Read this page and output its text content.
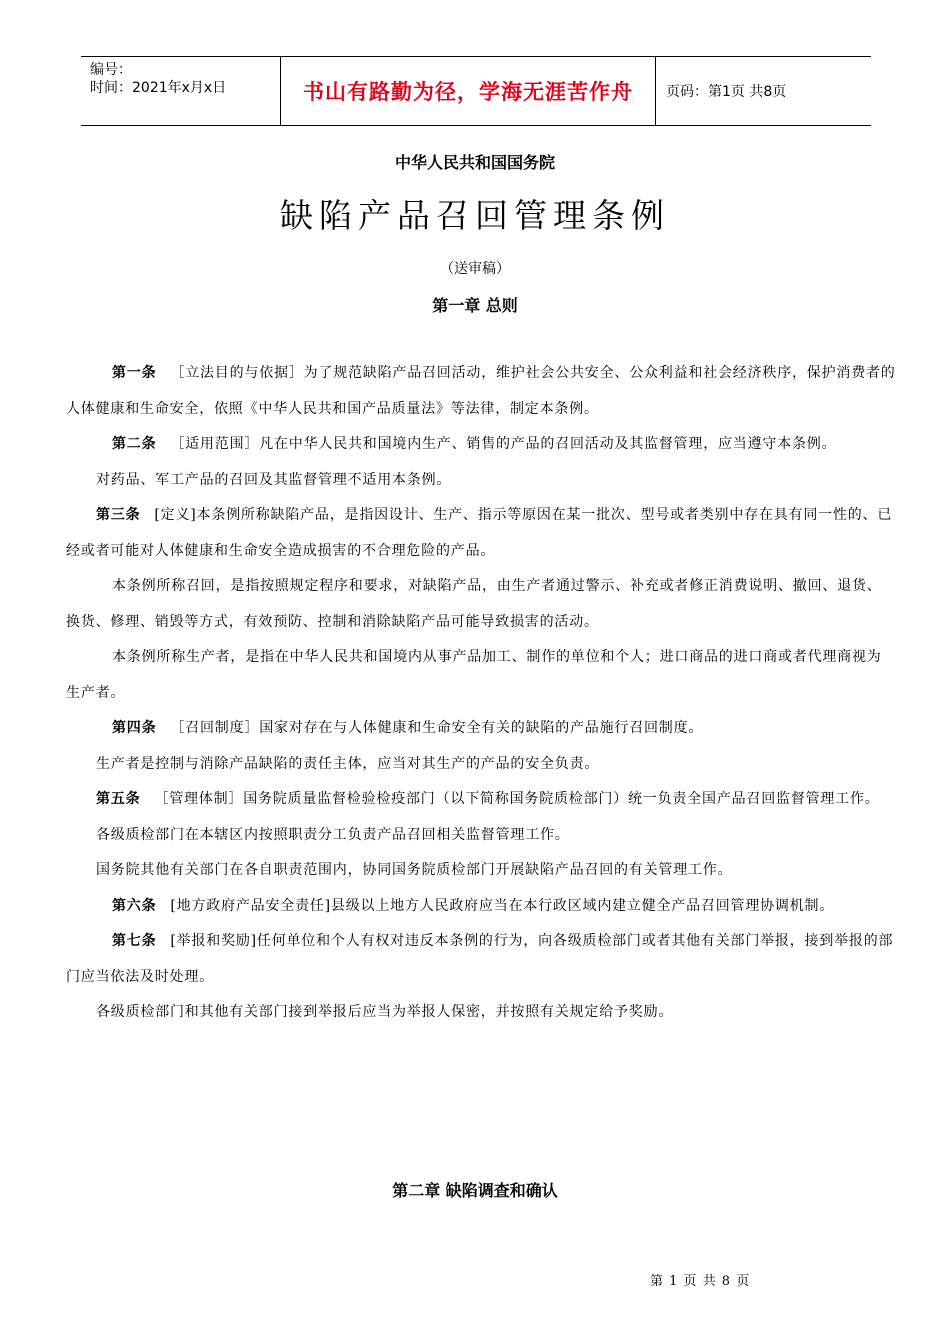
编号：
时间：2021年x月x日	书山有路勤为径，学海无涯苦作舟	页码：第1页 共8页
中华人民共和国国务院
缺陷产品召回管理条例
（送审稿）
第一章 总则

第一条 ［立法目的与依据］为了规范缺陷产品召回活动，维护社会公共安全、公众利益和社会经济秩序，保护消费者的人体健康和生命安全，依照《中华人民共和国产品质量法》等法律，制定本条例。

第二条 ［适用范围］凡在中华人民共和国境内生产、销售的产品的召回活动及其监督管理，应当遵守本条例。

对药品、军工产品的召回及其监督管理不适用本条例。

第三条 [定义]本条例所称缺陷产品，是指因设计、生产、指示等原因在某一批次、型号或者类别中存在具有同一性的、已经或者可能对人体健康和生命安全造成损害的不合理危险的产品。

本条例所称召回，是指按照规定程序和要求，对缺陷产品，由生产者通过警示、补充或者修正消费说明、撤回、退货、换货、修理、销毁等方式，有效预防、控制和消除缺陷产品可能导致损害的活动。

本条例所称生产者，是指在中华人民共和国境内从事产品加工、制作的单位和个人；进口商品的进口商或者代理商视为生产者。

第四条 ［召回制度］国家对存在与人体健康和生命安全有关的缺陷的产品施行召回制度。

生产者是控制与消除产品缺陷的责任主体，应当对其生产的产品的安全负责。

第五条 ［管理体制］国务院质量监督检验检疫部门（以下简称国务院质检部门）统一负责全国产品召回监督管理工作。

各级质检部门在本辖区内按照职责分工负责产品召回相关监督管理工作。

国务院其他有关部门在各自职责范围内，协同国务院质检部门开展缺陷产品召回的有关管理工作。

第六条 [地方政府产品安全责任]县级以上地方人民政府应当在本行政区域内建立健全产品召回管理协调机制。

第七条 [举报和奖励]任何单位和个人有权对违反本条例的行为，向各级质检部门或者其他有关部门举报，接到举报的部门应当依法及时处理。

各级质检部门和其他有关部门接到举报后应当为举报人保密，并按照有关规定给予奖励。

第二章 缺陷调查和确认
第 1 页 共 8 页
